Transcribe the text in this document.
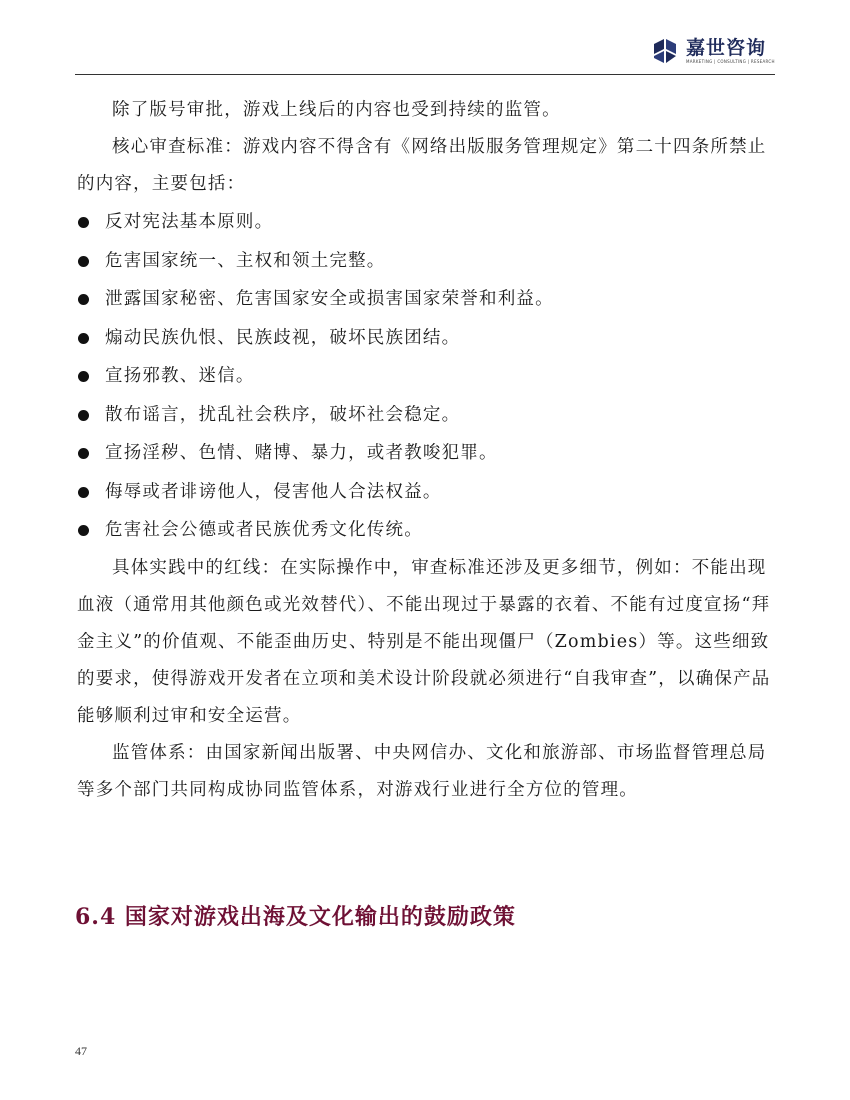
嘉世咨询
MARKETING | CONSULTING | RESEARCH

除了版号审批，游戏上线后的内容也受到持续的监管。

核心审查标准：游戏内容不得含有《网络出版服务管理规定》第二十四条所禁止的内容，主要包括：

反对宪法基本原则。
危害国家统一、主权和领土完整。
泄露国家秘密、危害国家安全或损害国家荣誉和利益。
煽动民族仇恨、民族歧视，破坏民族团结。
宣扬邪教、迷信。
散布谣言，扰乱社会秩序，破坏社会稳定。
宣扬淫秽、色情、赌博、暴力，或者教唆犯罪。
侮辱或者诽谤他人，侵害他人合法权益。
危害社会公德或者民族优秀文化传统。

具体实践中的红线：在实际操作中，审查标准还涉及更多细节，例如：不能出现血液（通常用其他颜色或光效替代）、不能出现过于暴露的衣着、不能有过度宣扬“拜金主义”的价值观、不能歪曲历史、特别是不能出现僵尸（Zombies）等。这些细致的要求，使得游戏开发者在立项和美术设计阶段就必须进行“自我审查”，以确保产品能够顺利过审和安全运营。

监管体系：由国家新闻出版署、中央网信办、文化和旅游部、市场监督管理总局等多个部门共同构成协同监管体系，对游戏行业进行全方位的管理。

6.4 国家对游戏出海及文化输出的鼓励政策
47
